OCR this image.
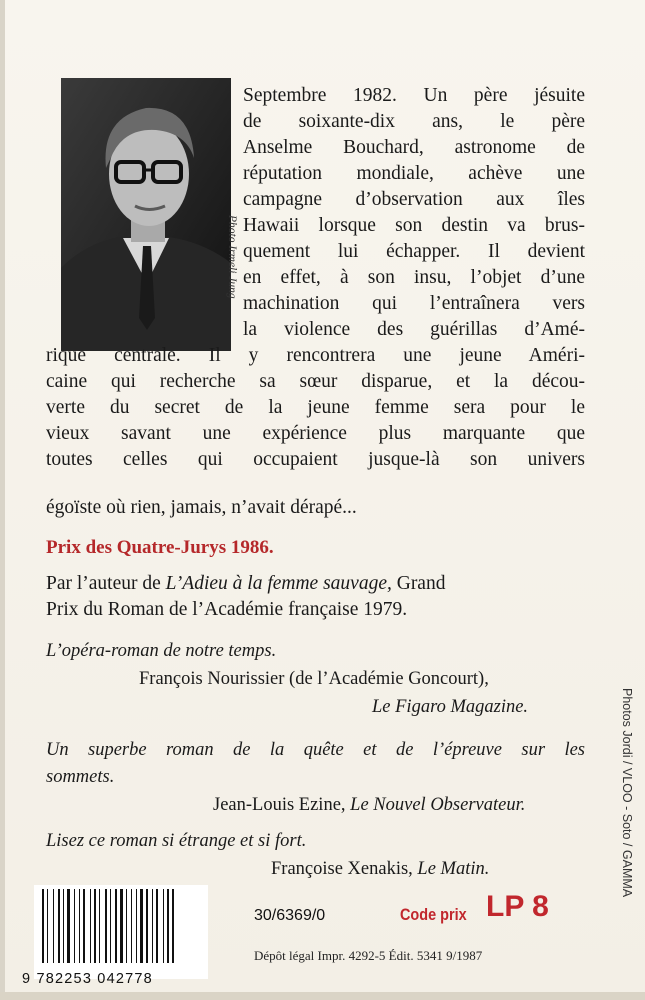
Photo Irmeli Jung
Septembre 1982. Un père jésuite
de soixante-dix ans, le père
Anselme Bouchard, astronome de
réputation mondiale, achève une
campagne d’observation aux îles
Hawaii lorsque son destin va brus-
quement lui échapper. Il devient
en effet, à son insu, l’objet d’une
machination qui l’entraînera vers
la violence des guérillas d’Amé-
rique centrale. Il y rencontrera une jeune Améri-
caine qui recherche sa sœur disparue, et la décou-
verte du secret de la jeune femme sera pour le
vieux savant une expérience plus marquante que
toutes celles qui occupaient jusque-là son univers
égoïste où rien, jamais, n’avait dérapé...
Prix des Quatre-Jurys 1986.
Par l’auteur de L’Adieu à la femme sauvage, Grand
Prix du Roman de l’Académie française 1979.
L’opéra-roman de notre temps.
François Nourissier (de l’Académie Goncourt),
Le Figaro Magazine.
Un superbe roman de la quête et de l’épreuve sur les
sommets.
Jean-Louis Ezine, Le Nouvel Observateur.
Lisez ce roman si étrange et si fort.
Françoise Xenakis, Le Matin.
9 782253 042778
30/6369/0	Code prix LP 8
Dépôt légal Impr. 4292-5 Édit. 5341 9/1987
Photos Jordi / VLOO - Soto / GAMMA
